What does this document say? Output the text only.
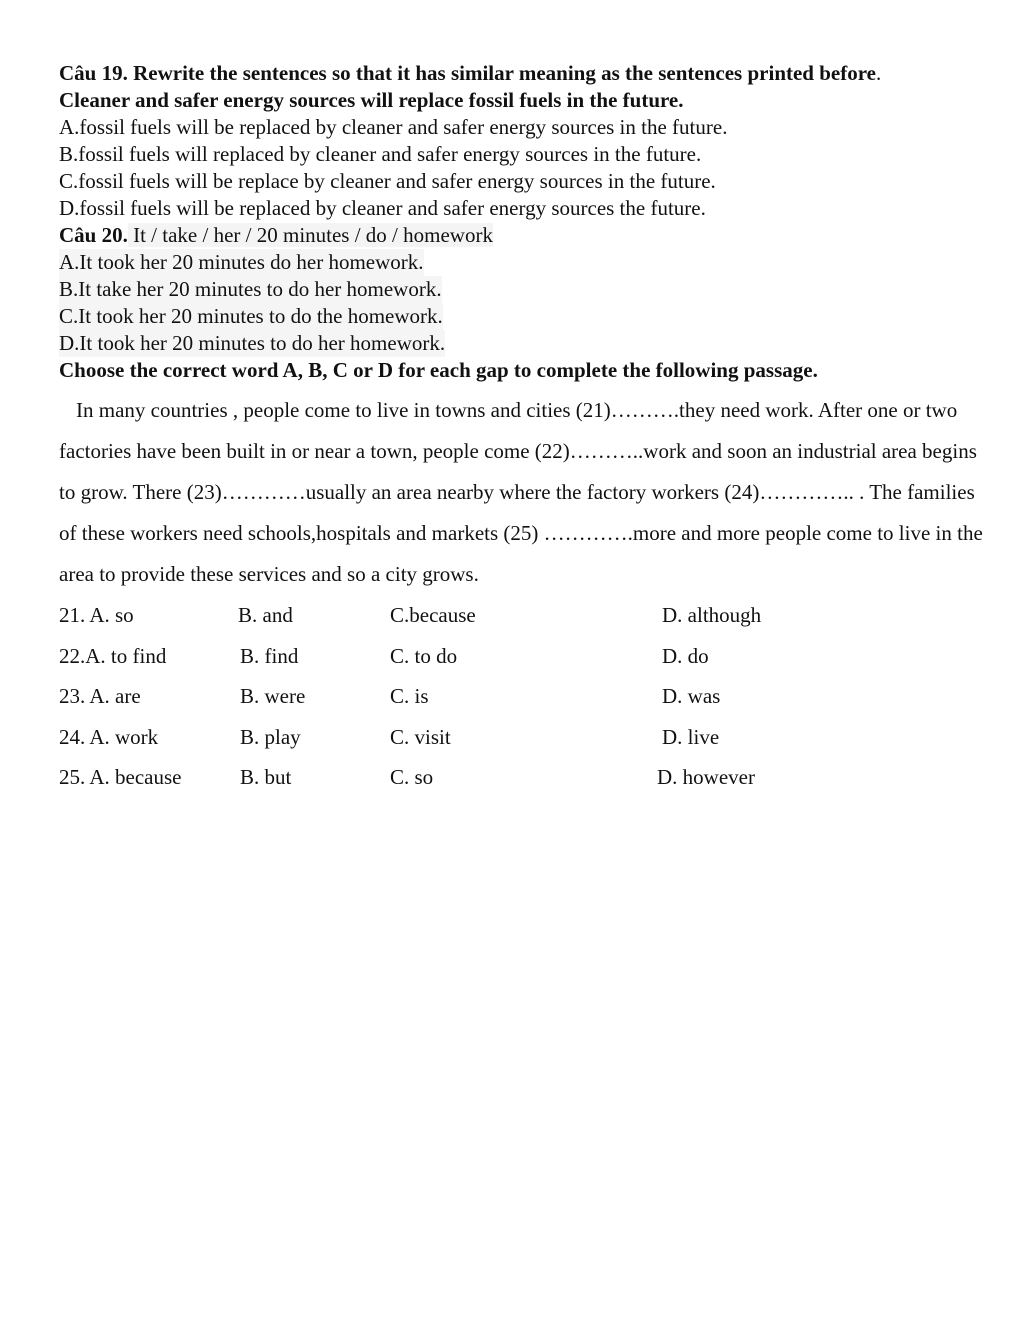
Câu 19. Rewrite the sentences so that it has similar meaning as the sentences printed before.
Cleaner and safer energy sources will replace fossil fuels in the future.
A.fossil fuels will be replaced by cleaner and safer energy sources in the future.
B.fossil fuels will replaced by cleaner and safer energy sources in the future.
C.fossil fuels will be replace by cleaner and safer energy sources in the future.
D.fossil fuels will be replaced by cleaner and safer energy sources the future.
Câu 20. It / take / her / 20 minutes / do / homework
A.It took her 20 minutes do her homework.
B.It take her 20 minutes to do her homework.
C.It took her 20 minutes to do the homework.
D.It took her 20 minutes to do her homework.
Choose the correct word A, B, C or D for each gap to complete the following passage.
In many countries , people come to live in towns and cities (21)……….they need work. After one or two factories have been built in or near a town, people come (22)………..work and soon an industrial area begins to grow. There (23)…………usually an area nearby where the factory workers (24)………….. . The families of these workers need schools,hospitals and markets (25) ………….more and more people come to live in the area to provide these services and so a city grows.
21. A. so	B. and	C.because	D. although
22.A. to find	B. find	C. to do	D. do
23. A. are	B. were	C. is	D. was
24. A. work	B. play	C. visit	D. live
25. A. because	B. but	C. so	D. however
